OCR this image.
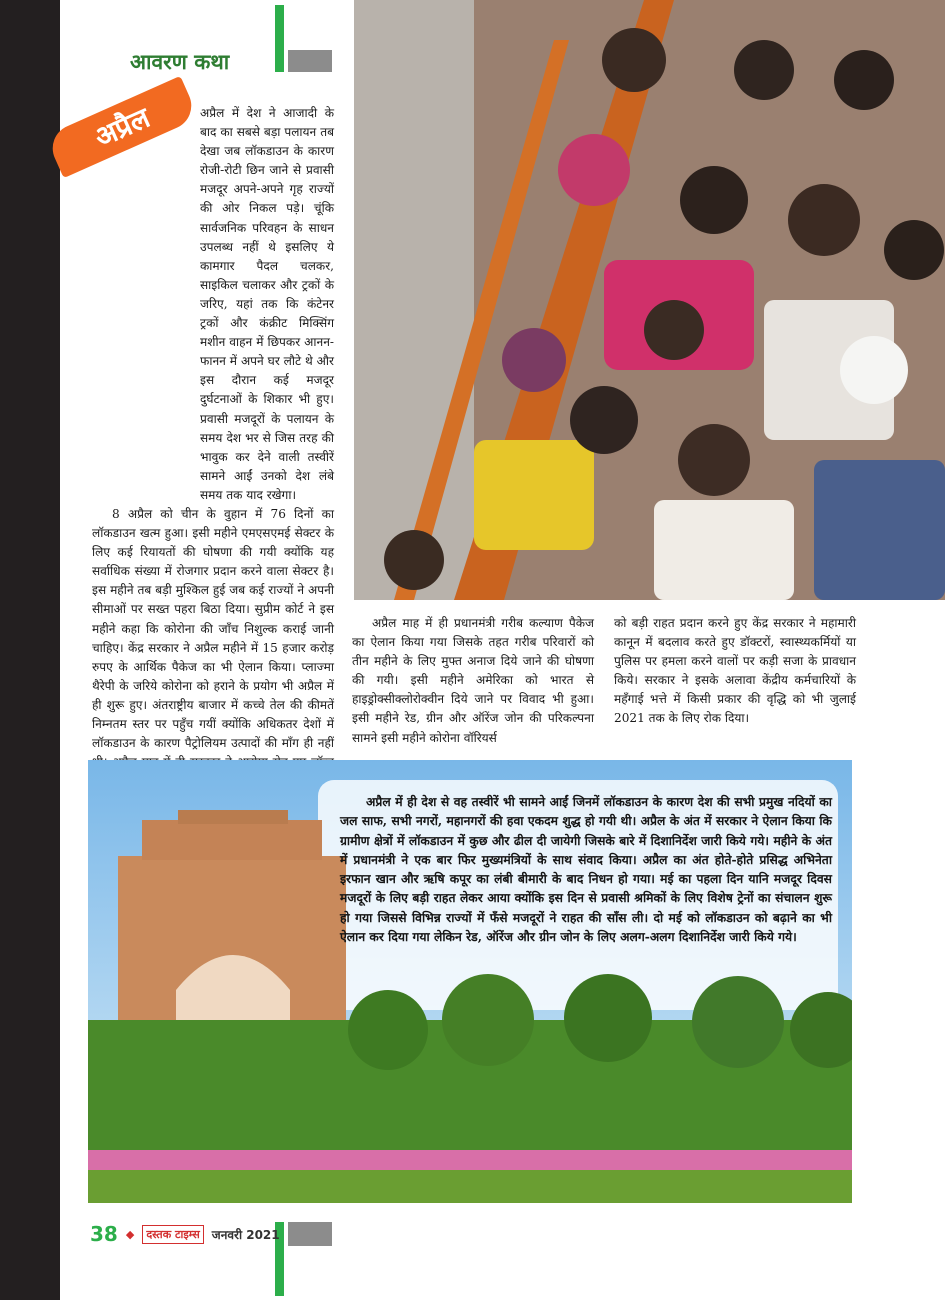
आवरण कथा
अप्रैल	अप्रैल में देश ने आजादी के बाद का सबसे बड़ा पलायन तब देखा जब लॉकडाउन के कारण रोजी-रोटी छिन जाने से प्रवासी मजदूर अपने-अपने गृह राज्यों की ओर निकल पड़े। चूंकि सार्वजनिक परिवहन के साधन उपलब्ध नहीं थे इसलिए ये कामगार पैदल चलकर, साइकिल चलाकर और ट्रकों के जरिए, यहां तक कि कंटेनर ट्रकों और कंक्रीट मिक्सिंग मशीन वाहन में छिपकर आनन-फानन में अपने घर लौटे थे और इस दौरान कई मजदूर दुर्घटनाओं के शिकार भी हुए। प्रवासी मजदूरों के पलायन के समय देश भर से जिस तरह की भावुक कर देने वाली तस्वीरें सामने आईं उनको देश लंबे समय तक याद रखेगा।

8 अप्रैल को चीन के वुहान में 76 दिनों का लॉकडाउन खत्म हुआ। इसी महीने एमएसएमई सेक्टर के लिए कई रियायतों की घोषणा की गयी क्योंकि यह सर्वाधिक संख्या में रोजगार प्रदान करने वाला सेक्टर है। इस महीने तब बड़ी मुश्किल हुई जब कई राज्यों ने अपनी सीमाओं पर सख्त पहरा बिठा दिया। सुप्रीम कोर्ट ने इस महीने कहा कि कोरोना की जाँच निशुल्क कराई जानी चाहिए। केंद्र सरकार ने अप्रैल महीने में 15 हजार करोड़ रुपए के आर्थिक पैकेज का भी ऐलान किया। प्लाज्मा थैरेपी के जरिये कोरोना को हराने के प्रयोग भी अप्रैल में ही शुरू हुए। अंतराष्ट्रीय बाजार में कच्चे तेल की कीमतें निम्नतम स्तर पर पहुँच गयीं क्योंकि अधिकतर देशों में लॉकडाउन के कारण पैट्रोलियम उत्पादों की माँग ही नहीं

अप्रैल माह में ही प्रधानमंत्री गरीब कल्याण पैकेज का ऐलान किया गया जिसके तहत गरीब परिवारों को तीन महीने के लिए मुफ्त अनाज दिये जाने की घोषणा की गयी। इसी महीने अमेरिका को भारत से हाइड्रोक्सीक्लोरोक्वीन दिये जाने पर विवाद भी हुआ। इसी महीने रेड, ग्रीन और ऑरेंज जोन की परिकल्पना सामने इसी महीने कोरोना वॉरियर्स
को बड़ी राहत प्रदान करने हुए केंद्र सरकार ने महामारी कानून में बदलाव करते हुए डॉक्टरों, स्वास्थ्यकर्मियों या पुलिस पर हमला करने वालों पर कड़ी सजा के प्रावधान किये। सरकार ने इसके अलावा केंद्रीय कर्मचारियों के महँगाई भत्ते में किसी प्रकार की वृद्धि को भी जुलाई 2021 तक के लिए रोक दिया।

अप्रैल में ही देश से वह तस्वीरें भी सामने आईं जिनमें लॉकडाउन के कारण देश की सभी प्रमुख नदियों का जल साफ, सभी नगरों, महानगरों की हवा एकदम शुद्ध हो गयी थी। अप्रैल के अंत में सरकार ने ऐलान किया कि ग्रामीण क्षेत्रों में लॉकडाउन में कुछ और ढील दी जायेगी जिसके बारे में दिशानिर्देश जारी किये गये। महीने के अंत में प्रधानमंत्री ने एक बार फिर मुख्यमंत्रियों के साथ संवाद किया। अप्रैल का अंत होते-होते प्रसिद्ध अभिनेता इरफान खान और ऋषि कपूर का लंबी बीमारी के बाद निधन हो गया। मई का पहला दिन यानि मजदूर दिवस मजदूरों के लिए बड़ी राहत लेकर आया क्योंकि इस दिन से प्रवासी श्रमिकों के लिए विशेष ट्रेनों का संचालन शुरू हो गया जिससे विभिन्न राज्यों में फँसे मजदूरों ने राहत की साँस ली। दो मई को लॉकडाउन को बढ़ाने का भी ऐलान कर दिया गया लेकिन रेड, ऑरेंज और ग्रीन जोन के लिए अलग-अलग दिशानिर्देश जारी किये गये।

38 ◆	दस्तक टाइम्स	जनवरी 2021
